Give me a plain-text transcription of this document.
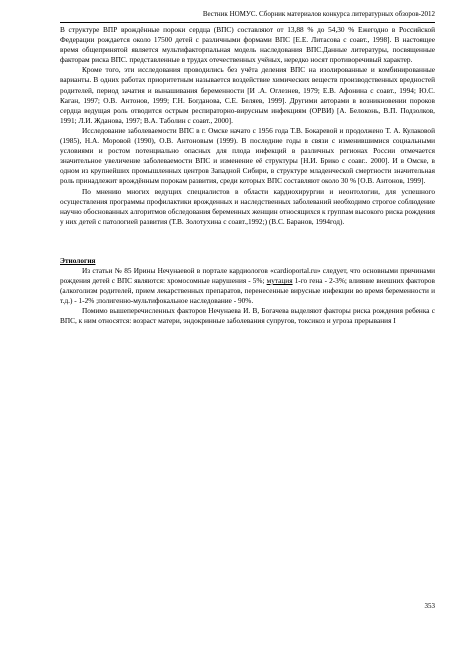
Вестник НОМУС. Сборник материалов конкурса литературных обзоров-2012

В структуре ВПР врождённые пороки сердца (ВПС) составляют от 13,88 % до 54,30 % Ежегодно в Российской Федерации рождается около 17500 детей с различными формами ВПС [Е.Е. Литасова с соавт., 1998]. В настоящее время общепринятой является мультифакторпальная модель наследования ВПС.Данные литературы, посвященные факторам риска ВПС. представленные в трудах отечественных учёных, нередко носят противоречивый характер.

Кроме того, эти исследования проводились без учёта деления ВПС на изолированные и комбинированные варианты. В одних работах приоритетным называется воздействие химических веществ производственных вредностей родителей, период зачатия и вынашивания беременности [И .А. Оглезнев, 1979; Е.В. Афонина с соавт., 1994; Ю.С. Каган, 1997; О.В. Антонов, 1999; Г.Н. Богданова, С.Е. Беляев, 1999]. Другими авторами в возникновении пороков сердца ведущая роль отводится острым респираторно-вирусным инфекциям (ОРВИ) [А. Белоконь, В.П. Подзолков, 1991; Л.И. Жданова, 1997; В.А. Таболин с соавт., 2000].

Исследование заболеваемости ВПС в г. Омске начато с 1956 года Т.В. Бокаревой и продолжено Т. А. Кулаковой (1985), Н.А. Моровой (1990), О.В. Антоновым (1999). В последние годы в связи с изменившимися социальными условиями и ростом потенциально опасных для плода инфекций в различных регионах России отмечается значительное увеличение заболеваемости ВПС и изменение её структуры [Н.И. Брико с соавг.. 2000]. И в Омске, в одном из крупнейших промышленных центров Западной Сибири, в структуре младенческой смертности значительная роль принадлежит врождённым порокам развития, среди которых ВПС составляют около 30 % [О.В. Антонов, 1999].

По мнению многих ведущих специалистов в области кардиохирургии и неонтологии, для успешного осуществления программы профилактики врожденных и наследственных заболеваний необходимо строгое соблюдение научно обоснованных алгоритмов обследования беременных женщин относящихся к группам высокого риска рождения у них детей с патологией развития (Т.В. Золотухина с соавт.,1992;) (В.С. Баранов, 1994год).

Этиология

Из статьи № 85 Ирины Нечунаевой в портале кардиологов «cardioportal.ru» следует, что основными причинами рождения детей с ВПС являются: хромосомные нарушения - 5%; мутация 1-го гена - 2-3%; влияние внешних факторов (алкоголизм родителей, прием лекарственных препаратов, перенесенные вирусные инфекции во время беременности и т.д.) - 1-2% ;полигенно-мультифокальное наследование - 90%.

Помимо вышеперечисленных факторов Нечунаева И. В, Богачева выделяют факторы риска рождения ребенка с ВПС, к ним относятся: возраст матери, эндокринные заболевания супругов, токсикоз и угроза прерывания I

353
